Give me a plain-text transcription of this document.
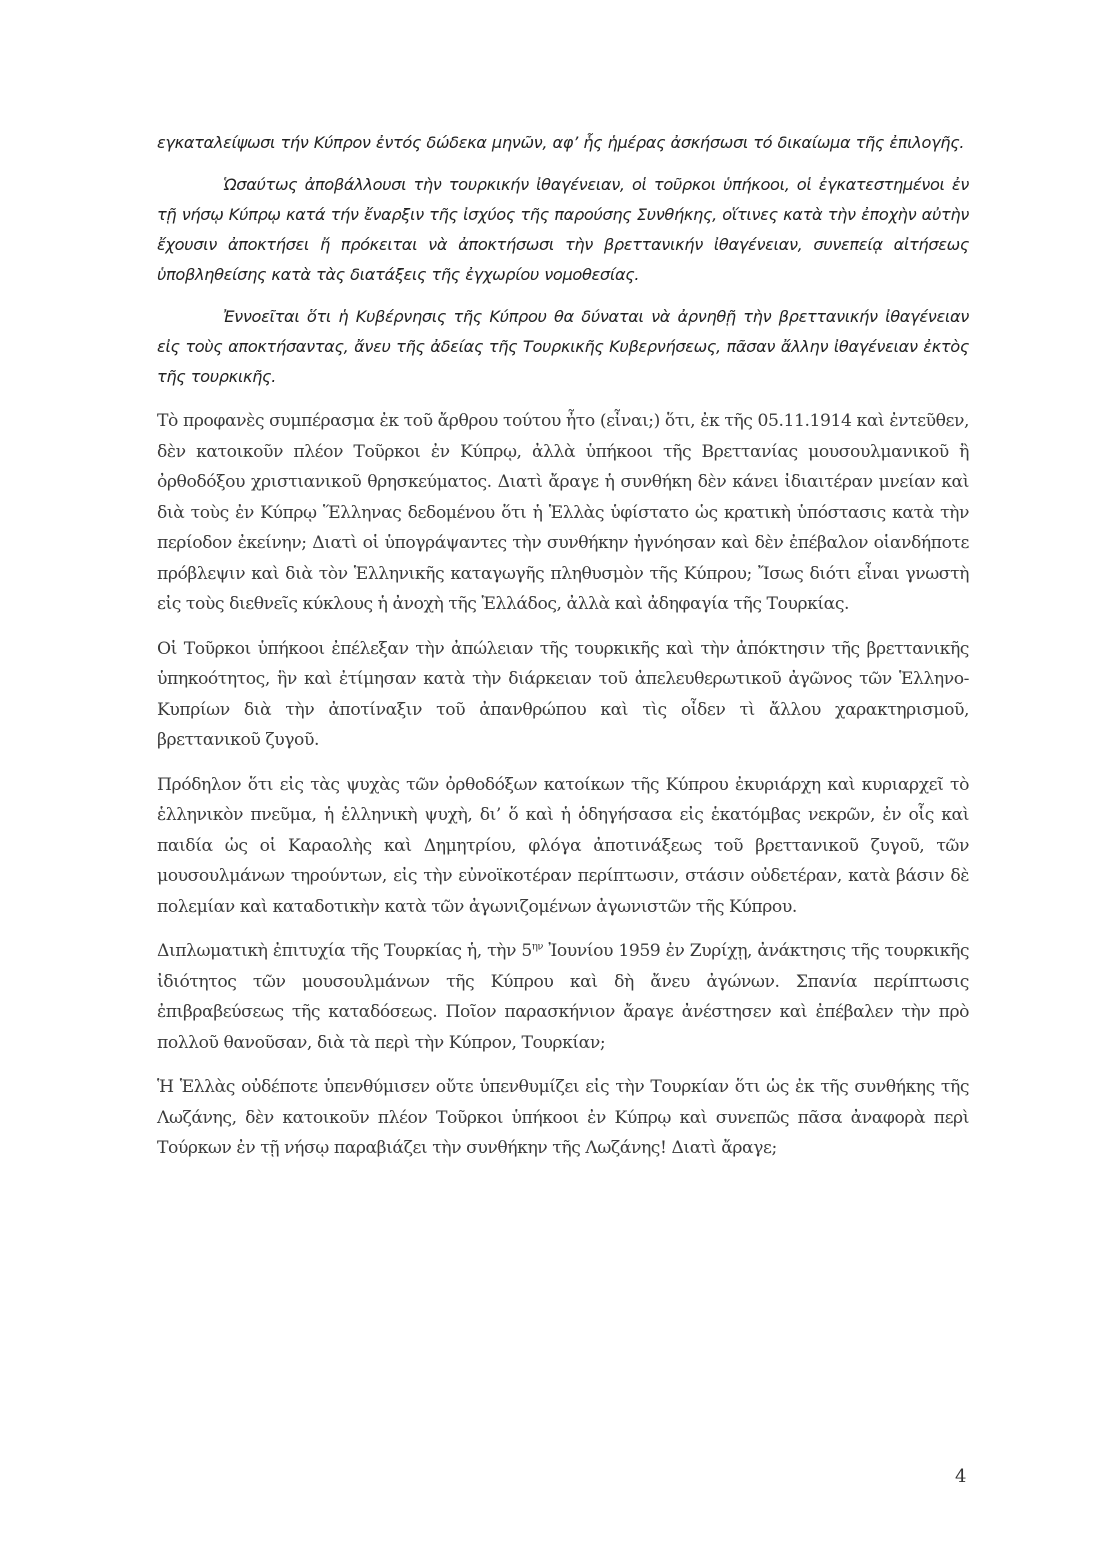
εγκαταλείψωσι τήν Κύπρον ἐντός δώδεκα μηνῶν, αφ’ ἧς ἡμέρας ἀσκήσωσι τό δικαίωμα τῆς ἐπιλογῆς.

Ὡσαύτως ἀποβάλλουσι τὴν τουρκικήν ἰθαγένειαν, οἱ τοῦρκοι ὑπήκοοι, οἱ ἐγκατεστημένοι ἐν τῇ νήσῳ Κύπρῳ κατά τήν ἔναρξιν τῆς ἰσχύος τῆς παρούσης Συνθήκης, οἵτινες κατὰ τὴν ἐποχὴν αὐτὴν ἔχουσιν ἀποκτήσει ἤ πρόκειται νὰ ἀποκτήσωσι τὴν βρεττανικήν ἰθαγένειαν, συνεπείᾳ αἰτήσεως ὑποβληθείσης κατὰ τὰς διατάξεις τῆς ἐγχωρίου νομοθεσίας.

Ἐννοεῖται ὅτι ἡ Κυβέρνησις τῆς Κύπρου θα δύναται νὰ ἀρνηθῇ τὴν βρεττανικήν ἰθαγένειαν εἰς τοὺς αποκτήσαντας, ἄνευ τῆς ἀδείας τῆς Τουρκικῆς Κυβερνήσεως, πᾶσαν ἄλλην ἰθαγένειαν ἐκτὸς τῆς τουρκικῆς.

Τὸ προφανὲς συμπέρασμα ἐκ τοῦ ἄρθρου τούτου ἦτο (εἶναι;) ὅτι, ἐκ τῆς 05.11.1914 καὶ ἐντεῦθεν, δὲν κατοικοῦν πλέον Τοῦρκοι ἐν Κύπρῳ, ἀλλὰ ὑπήκοοι τῆς Βρεττανίας μουσουλμανικοῦ ἢ ὀρθοδόξου χριστιανικοῦ θρησκεύματος. Διατὶ ἄραγε ἡ συνθήκη δὲν κάνει ἰδιαιτέραν μνείαν καὶ διὰ τοὺς ἐν Κύπρῳ Ἕλληνας δεδομένου ὅτι ἡ Ἑλλὰς ὑφίστατο ὡς κρατικὴ ὑπόστασις κατὰ τὴν περίοδον ἐκείνην; Διατὶ οἱ ὑπογράψαντες τὴν συνθήκην ἠγνόησαν καὶ δὲν ἐπέβαλον οἱανδήποτε πρόβλεψιν καὶ διὰ τὸν Ἑλληνικῆς καταγωγῆς πληθυσμὸν τῆς Κύπρου; Ἴσως διότι εἶναι γνωστὴ εἰς τοὺς διεθνεῖς κύκλους ἡ ἀνοχὴ τῆς Ἑλλάδος, ἀλλὰ καὶ ἀδηφαγία τῆς Τουρκίας.

Οἱ Τοῦρκοι ὑπήκοοι ἐπέλεξαν τὴν ἀπώλειαν τῆς τουρκικῆς καὶ τὴν ἀπόκτησιν τῆς βρεττανικῆς ὑπηκοότητος, ἣν καὶ ἐτίμησαν κατὰ τὴν διάρκειαν τοῦ ἀπελευθερωτικοῦ ἀγῶνος τῶν Ἑλληνο-Κυπρίων διὰ τὴν ἀποτίναξιν τοῦ ἀπανθρώπου καὶ τὶς οἶδεν τὶ ἄλλου χαρακτηρισμοῦ, βρεττανικοῦ ζυγοῦ.

Πρόδηλον ὅτι εἰς τὰς ψυχὰς τῶν ὀρθοδόξων κατοίκων τῆς Κύπρου ἐκυριάρχη καὶ κυριαρχεῖ τὸ ἑλληνικὸν πνεῦμα, ἡ ἑλληνικὴ ψυχὴ, δι’ ὅ καὶ ἡ ὁδηγήσασα εἰς ἑκατόμβας νεκρῶν, ἐν οἷς καὶ παιδία ὡς οἱ Καραολὴς καὶ Δημητρίου, φλόγα ἀποτινάξεως τοῦ βρεττανικοῦ ζυγοῦ, τῶν μουσουλμάνων τηρούντων, εἰς τὴν εὐνοϊκοτέραν περίπτωσιν, στάσιν οὐδετέραν, κατὰ βάσιν δὲ πολεμίαν καὶ καταδοτικὴν κατὰ τῶν ἀγωνιζομένων ἀγωνιστῶν τῆς Κύπρου.

Διπλωματικὴ ἐπιτυχία τῆς Τουρκίας ἡ, τὴν $5^{\eta\nu}$ Ἰουνίου 1959 ἐν Ζυρίχῃ, ἀνάκτησις τῆς τουρκικῆς ἰδιότητος τῶν μουσουλμάνων τῆς Κύπρου καὶ δὴ ἄνευ ἀγώνων. Σπανία περίπτωσις ἐπιβραβεύσεως τῆς καταδόσεως. Ποῖον παρασκήνιον ἄραγε ἀνέστησεν καὶ ἐπέβαλεν τὴν πρὸ πολλοῦ θανοῦσαν, διὰ τὰ περὶ τὴν Κύπρον, Τουρκίαν;

Ἡ Ἑλλὰς οὐδέποτε ὑπενθύμισεν οὔτε ὑπενθυμίζει εἰς τὴν Τουρκίαν ὅτι ὡς ἐκ τῆς συνθήκης τῆς Λωζάνης, δὲν κατοικοῦν πλέον Τοῦρκοι ὑπήκοοι ἐν Κύπρῳ καὶ συνεπῶς πᾶσα ἀναφορὰ περὶ Τούρκων ἐν τῇ νήσῳ παραβιάζει τὴν συνθήκην τῆς Λωζάνης! Διατὶ ἄραγε;

4
